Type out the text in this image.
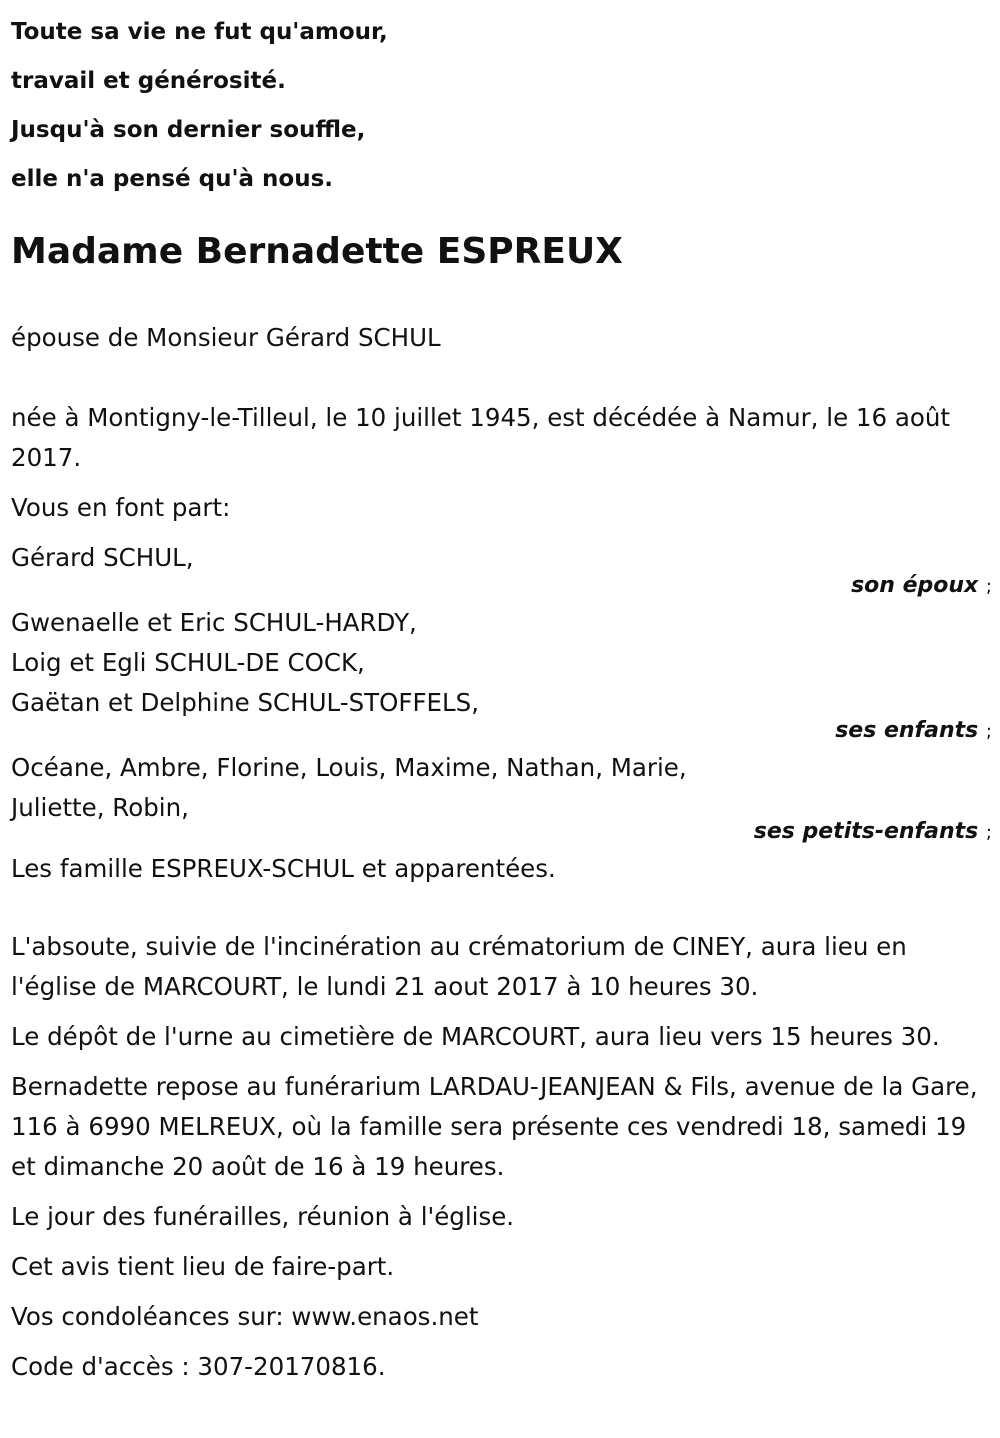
Toute sa vie ne fut qu'amour,
travail et générosité.
Jusqu'à son dernier souffle,
elle n'a pensé qu'à nous.
Madame Bernadette ESPREUX

épouse de Monsieur Gérard SCHUL

née à Montigny-le-Tilleul, le 10 juillet 1945, est décédée à Namur, le 16 août 2017.

Vous en font part:

Gérard SCHUL,

son époux ;

Gwenaelle et Eric SCHUL-HARDY,

Loig et Egli SCHUL-DE COCK,

Gaëtan et Delphine SCHUL-STOFFELS,

ses enfants ;

Océane, Ambre, Florine, Louis, Maxime, Nathan, Marie, Juliette, Robin,

ses petits-enfants ;

Les famille ESPREUX-SCHUL et apparentées.

L'absoute, suivie de l'incinération au crématorium de CINEY, aura lieu en l'église de MARCOURT, le lundi 21 aout 2017 à 10 heures 30.

Le dépôt de l'urne au cimetière de MARCOURT, aura lieu vers 15 heures 30.

Bernadette repose au funérarium LARDAU-JEANJEAN & Fils, avenue de la Gare, 116 à 6990 MELREUX, où la famille sera présente ces vendredi 18, samedi 19 et dimanche 20 août de 16 à 19 heures.

Le jour des funérailles, réunion à l'église.

Cet avis tient lieu de faire-part.

Vos condoléances sur: www.enaos.net

Code d'accès : 307-20170816.
